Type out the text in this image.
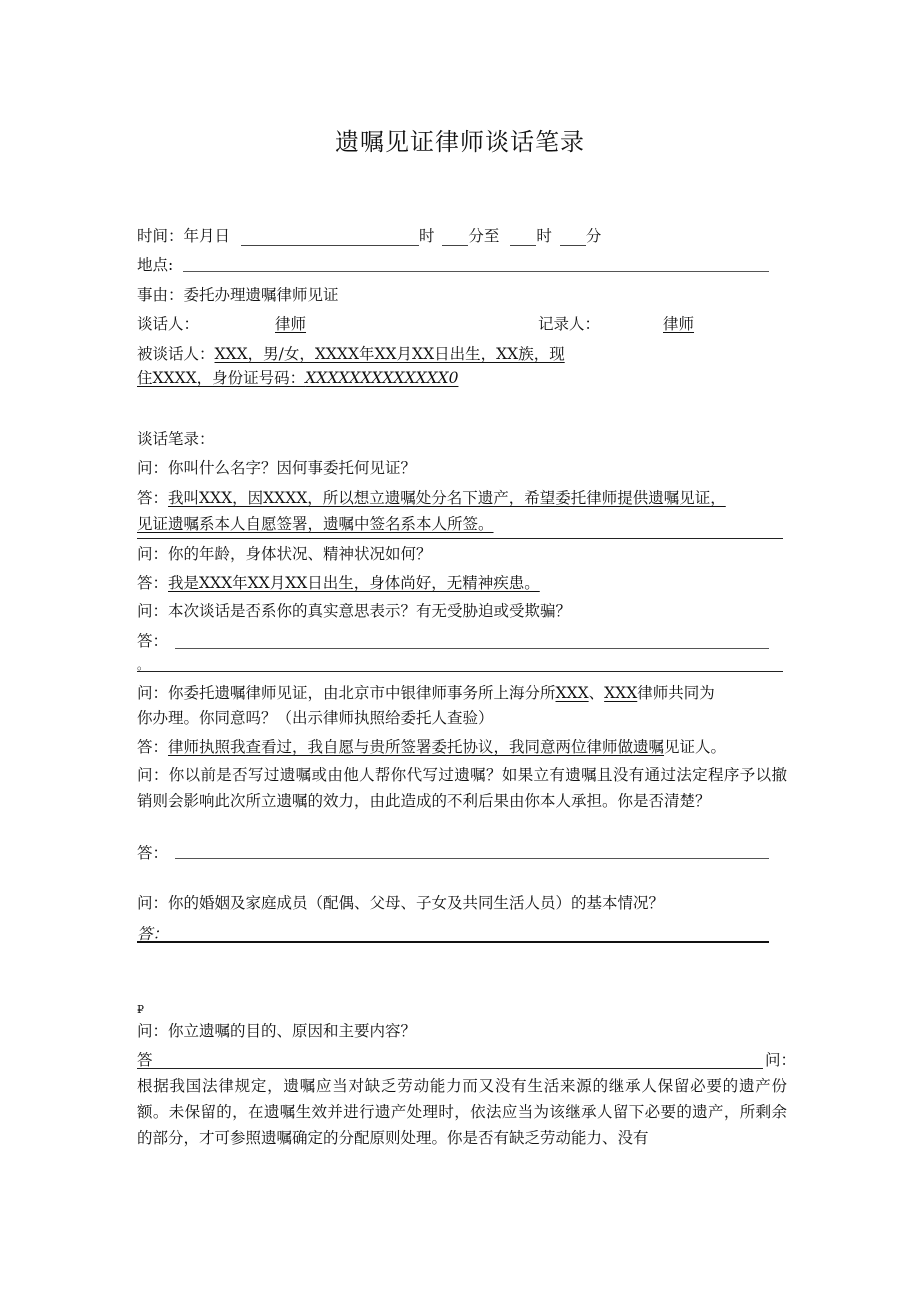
遗嘱见证律师谈话笔录
时间：年月日	时 分至 时 分
地点:
事由：委托办理遗嘱律师见证
谈话人：	律师	记录人：	律师
被谈话人：XXX，男/女，XXXX年XX月XX日出生，XX族，现
住XXXX，身份证号码：XXXXXXXXXXXXX0
谈话笔录：
问：你叫什么名字？因何事委托何见证？
答：我叫XXX，因XXXX，所以想立遗嘱处分名下遗产，希望委托律师提供遗嘱见证，
见证遗嘱系本人自愿签署，遗嘱中签名系本人所签。
问：你的年龄，身体状况、精神状况如何？
答：我是XXX年XX月XX日出生，身体尚好，无精神疾患。
问：本次谈话是否系你的真实意思表示？有无受胁迫或受欺骗？
答：
。
问：你委托遗嘱律师见证，由北京市中银律师事务所上海分所XXX、XXX律师共同为
你办理。你同意吗？（出示律师执照给委托人查验）
答：律师执照我查看过，我自愿与贵所签署委托协议，我同意两位律师做遗嘱见证人。
问：你以前是否写过遗嘱或由他人帮你代写过遗嘱？如果立有遗嘱且没有通过法定程序予以撤销则会影响此次所立遗嘱的效力，由此造成的不利后果由你本人承担。你是否清楚？
答：
问：你的婚姻及家庭成员（配偶、父母、子女及共同生活人员）的基本情况？
答：
₽
问：你立遗嘱的目的、原因和主要内容？
答	问：
根据我国法律规定，遗嘱应当对缺乏劳动能力而又没有生活来源的继承人保留必要的遗产份额。未保留的，在遗嘱生效并进行遗产处理时，依法应当为该继承人留下必要的遗产，所剩余的部分，才可参照遗嘱确定的分配原则处理。你是否有缺乏劳动能力、没有
